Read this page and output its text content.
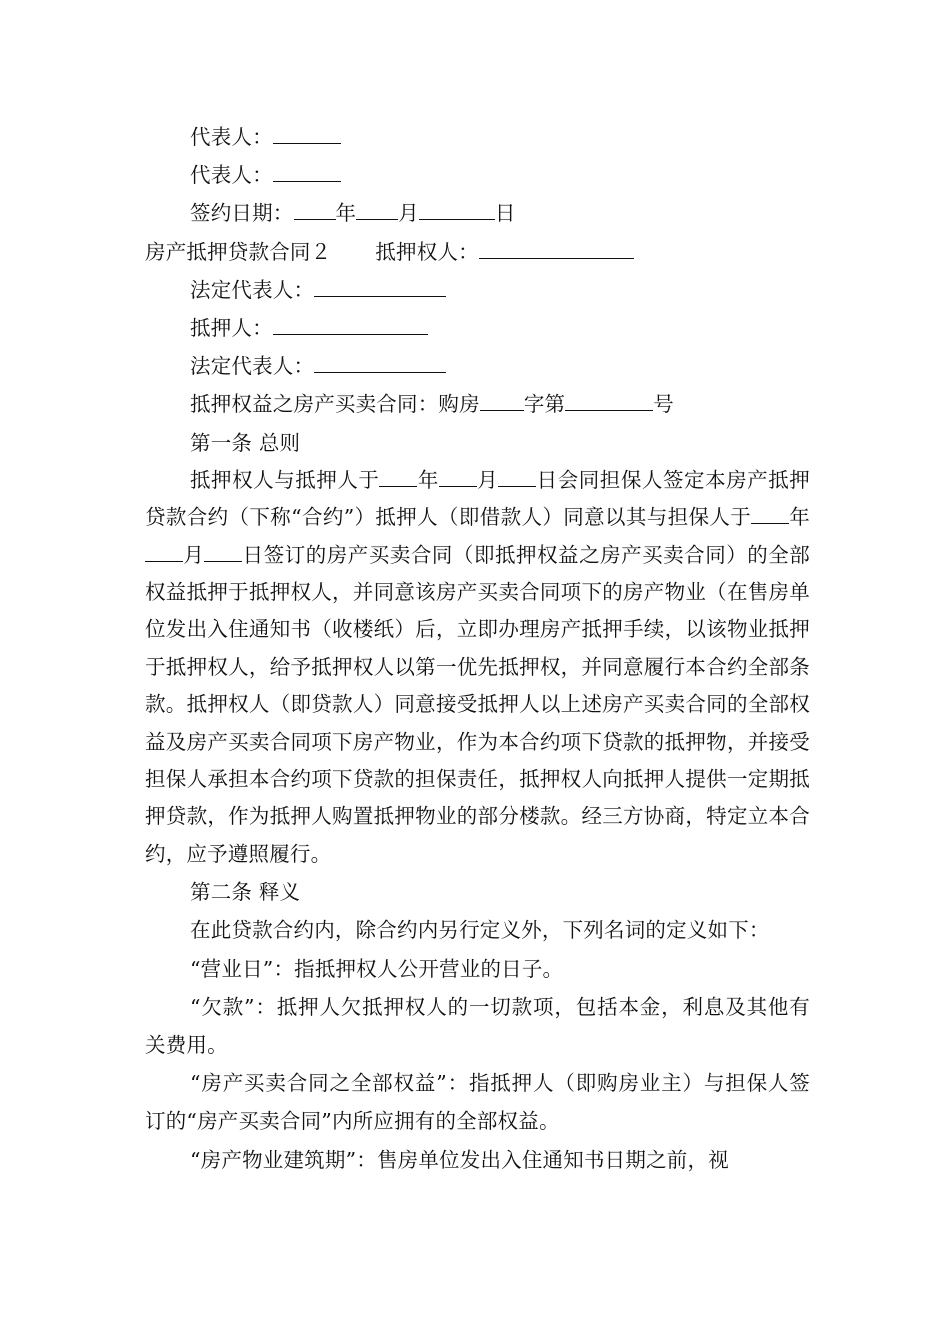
代表人：
代表人：
签约日期： 年 月	日
房产抵押贷款合同２ 抵押权人：
法定代表人：
抵押人：
法定代表人：
抵押权益之房产买卖合同：购房 字第	号
第一条 总则

抵押权人与抵押人于 年 月 日会同担保人签定本房产抵押贷款合约（下称“合约”）抵押人（即借款人）同意以其与担保人于 年月 日签订的房产买卖合同（即抵押权益之房产买卖合同）的全部权益抵押于抵押权人，并同意该房产买卖合同项下的房产物业（在售房单位发出入住通知书（收楼纸）后，立即办理房产抵押手续，以该物业抵押于抵押权人，给予抵押权人以第一优先抵押权，并同意履行本合约全部条款。抵押权人（即贷款人）同意接受抵押人以上述房产买卖合同的全部权益及房产买卖合同项下房产物业，作为本合约项下贷款的抵押物，并接受担保人承担本合约项下贷款的担保责任，抵押权人向抵押人提供一定期抵押贷款，作为抵押人购置抵押物业的部分楼款。经三方协商，特定立本合约，应予遵照履行。

第二条 释义
在此贷款合约内，除合约内另行定义外，下列名词的定义如下：
“营业日”：指抵押权人公开营业的日子。

“欠款”：抵押人欠抵押权人的一切款项，包括本金，利息及其他有关费用。

“房产买卖合同之全部权益”：指抵押人（即购房业主）与担保人签订的“房产买卖合同”内所应拥有的全部权益。

“房产物业建筑期”：售房单位发出入住通知书日期之前，视
